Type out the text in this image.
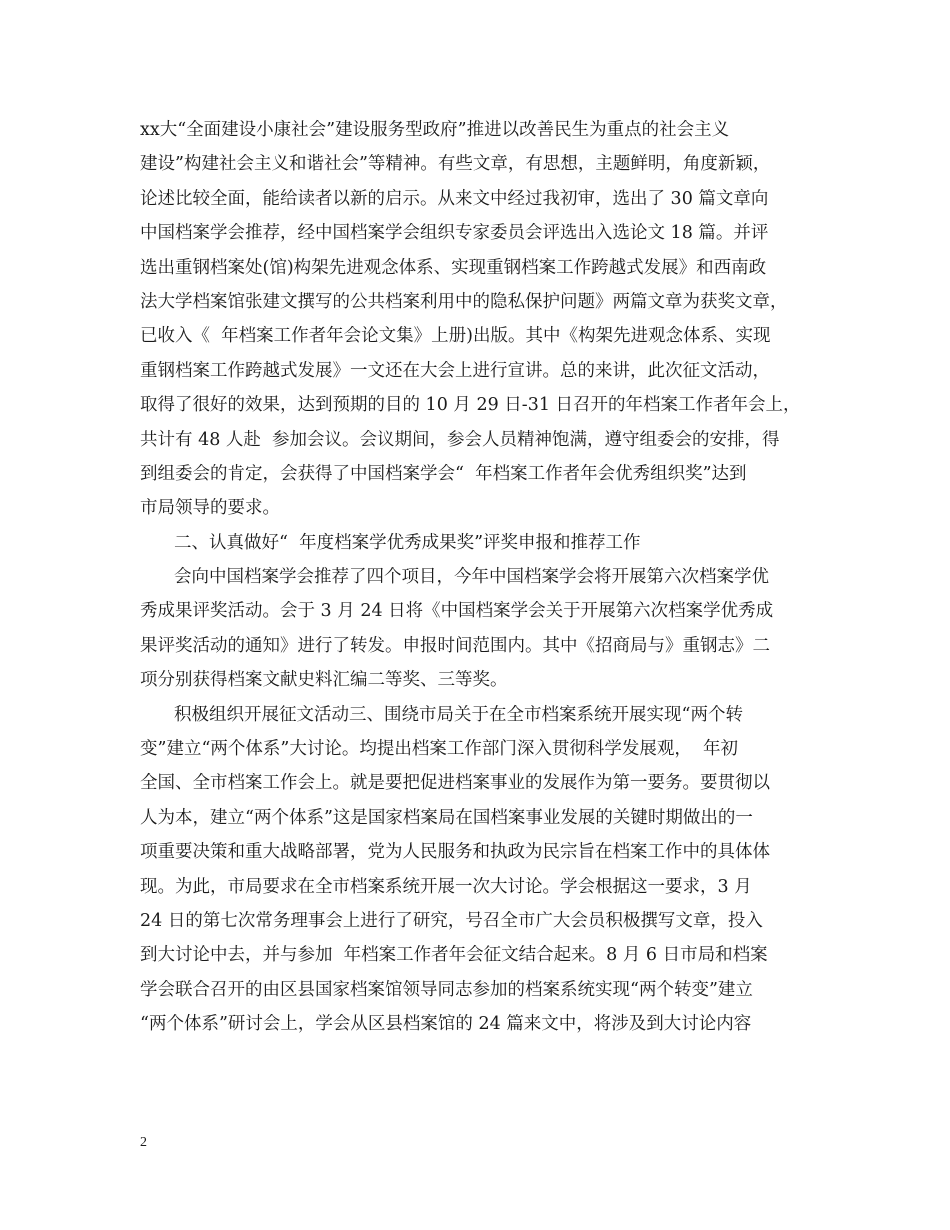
xx大“全面建设小康社会”建设服务型政府”推进以改善民生为重点的社会主义
建设”构建社会主义和谐社会”等精神。有些文章，有思想，主题鲜明，角度新颖，
论述比较全面，能给读者以新的启示。从来文中经过我初审，选出了 30 篇文章向
中国档案学会推荐，经中国档案学会组织专家委员会评选出入选论文 18 篇。并评
选出重钢档案处(馆)构架先进观念体系、实现重钢档案工作跨越式发展》和西南政
法大学档案馆张建文撰写的公共档案利用中的隐私保护问题》两篇文章为获奖文章，
已收入《  年档案工作者年会论文集》上册)出版。其中《构架先进观念体系、实现
重钢档案工作跨越式发展》一文还在大会上进行宣讲。总的来讲，此次征文活动，
取得了很好的效果，达到预期的目的 10 月 29 日-31 日召开的年档案工作者年会上，
共计有 48 人赴  参加会议。会议期间，参会人员精神饱满，遵守组委会的安排，得
到组委会的肯定，会获得了中国档案学会“  年档案工作者年会优秀组织奖”达到
市局领导的要求。
二、认真做好“  年度档案学优秀成果奖”评奖申报和推荐工作
会向中国档案学会推荐了四个项目，今年中国档案学会将开展第六次档案学优
秀成果评奖活动。会于 3 月 24 日将《中国档案学会关于开展第六次档案学优秀成
果评奖活动的通知》进行了转发。申报时间范围内。其中《招商局与》重钢志》二
项分别获得档案文献史料汇编二等奖、三等奖。
积极组织开展征文活动三、围绕市局关于在全市档案系统开展实现“两个转
变”建立“两个体系”大讨论。均提出档案工作部门深入贯彻科学发展观，  年初
全国、全市档案工作会上。就是要把促进档案事业的发展作为第一要务。要贯彻以
人为本，建立“两个体系”这是国家档案局在国档案事业发展的关键时期做出的一
项重要决策和重大战略部署，党为人民服务和执政为民宗旨在档案工作中的具体体
现。为此，市局要求在全市档案系统开展一次大讨论。学会根据这一要求，3 月
24 日的第七次常务理事会上进行了研究，号召全市广大会员积极撰写文章，投入
到大讨论中去，并与参加  年档案工作者年会征文结合起来。8 月 6 日市局和档案
学会联合召开的由区县国家档案馆领导同志参加的档案系统实现“两个转变”建立
“两个体系”研讨会上，学会从区县档案馆的 24 篇来文中，将涉及到大讨论内容
2
